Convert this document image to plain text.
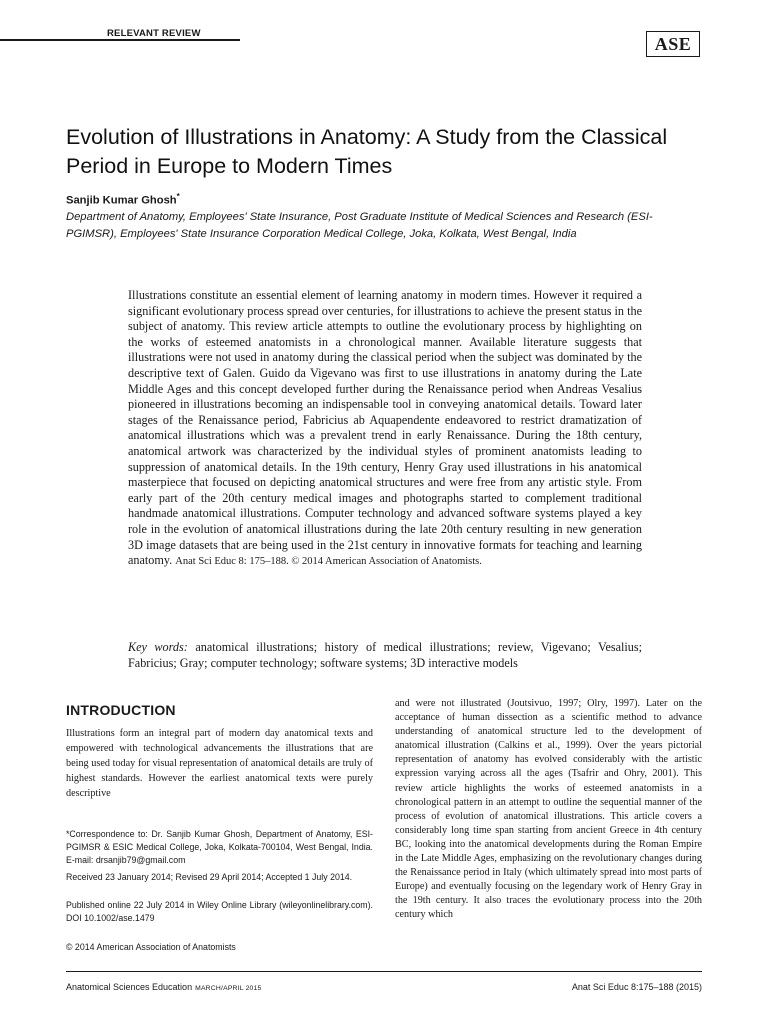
RELEVANT REVIEW
ASE
Evolution of Illustrations in Anatomy: A Study from the Classical Period in Europe to Modern Times
Sanjib Kumar Ghosh*
Department of Anatomy, Employees' State Insurance, Post Graduate Institute of Medical Sciences and Research (ESI-PGIMSR), Employees' State Insurance Corporation Medical College, Joka, Kolkata, West Bengal, India
Illustrations constitute an essential element of learning anatomy in modern times. However it required a significant evolutionary process spread over centuries, for illustrations to achieve the present status in the subject of anatomy. This review article attempts to outline the evolutionary process by highlighting on the works of esteemed anatomists in a chronological manner. Available literature suggests that illustrations were not used in anatomy during the classical period when the subject was dominated by the descriptive text of Galen. Guido da Vigevano was first to use illustrations in anatomy during the Late Middle Ages and this concept developed further during the Renaissance period when Andreas Vesalius pioneered in illustrations becoming an indispensable tool in conveying anatomical details. Toward later stages of the Renaissance period, Fabricius ab Aquapendente endeavored to restrict dramatization of anatomical illustrations which was a prevalent trend in early Renaissance. During the 18th century, anatomical artwork was characterized by the individual styles of prominent anatomists leading to suppression of anatomical details. In the 19th century, Henry Gray used illustrations in his anatomical masterpiece that focused on depicting anatomical structures and were free from any artistic style. From early part of the 20th century medical images and photographs started to complement traditional handmade anatomical illustrations. Computer technology and advanced software systems played a key role in the evolution of anatomical illustrations during the late 20th century resulting in new generation 3D image datasets that are being used in the 21st century in innovative formats for teaching and learning anatomy. Anat Sci Educ 8: 175–188. © 2014 American Association of Anatomists.
Key words: anatomical illustrations; history of medical illustrations; review, Vigevano; Vesalius; Fabricius; Gray; computer technology; software systems; 3D interactive models
INTRODUCTION
Illustrations form an integral part of modern day anatomical texts and empowered with technological advancements the illustrations that are being used today for visual representation of anatomical details are truly of highest standards. However the earliest anatomical texts were purely descriptive
*Correspondence to: Dr. Sanjib Kumar Ghosh, Department of Anatomy, ESI-PGIMSR & ESIC Medical College, Joka, Kolkata-700104, West Bengal, India. E-mail: drsanjib79@gmail.com
Received 23 January 2014; Revised 29 April 2014; Accepted 1 July 2014.
Published online 22 July 2014 in Wiley Online Library (wileyonlinelibrary.com). DOI 10.1002/ase.1479
© 2014 American Association of Anatomists
and were not illustrated (Joutsivuo, 1997; Olry, 1997). Later on the acceptance of human dissection as a scientific method to advance understanding of anatomical structure led to the development of anatomical illustration (Calkins et al., 1999). Over the years pictorial representation of anatomy has evolved considerably with the artistic expression varying across all the ages (Tsafrir and Ohry, 2001). This review article highlights the works of esteemed anatomists in a chronological pattern in an attempt to outline the sequential manner of the process of evolution of anatomical illustrations. This article covers a considerably long time span starting from ancient Greece in 4th century BC, looking into the anatomical developments during the Roman Empire in the Late Middle Ages, emphasizing on the revolutionary changes during the Renaissance period in Italy (which ultimately spread into most parts of Europe) and eventually focusing on the legendary work of Henry Gray in the 19th century. It also traces the evolutionary process into the 20th century which
Anatomical Sciences Education MARCH/APRIL 2015	Anat Sci Educ 8:175–188 (2015)
